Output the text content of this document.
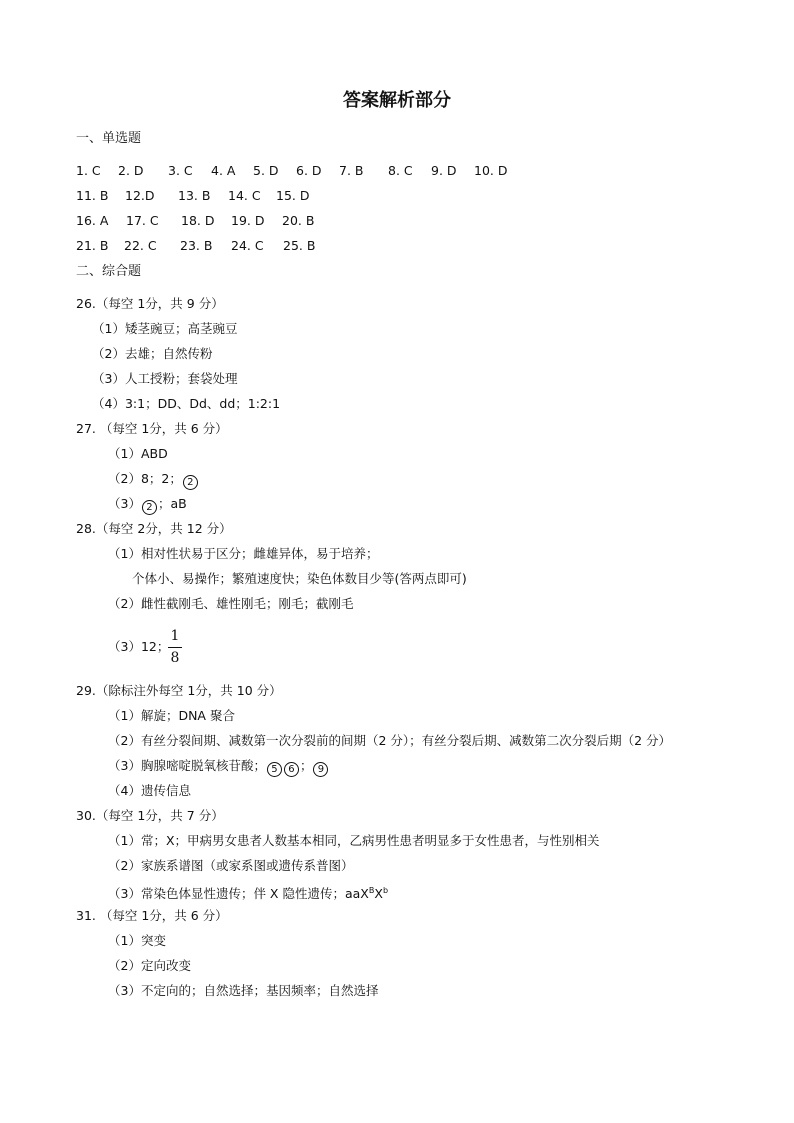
答案解析部分
一、单选题
1. C 2. D 3. C 4. A 5. D 6. D 7. B 8. C 9. D 10. D
11. B 12.D 13. B 14. C 15. D
16. A 17. C 18. D 19. D 20. B
21. B 22. C 23. B 24. C 25. B
二、综合题
26.（每空 1分，共 9 分）
（1）矮茎豌豆；高茎豌豆
（2）去雄；自然传粉
（3）人工授粉；套袋处理
（4）3:1；DD、Dd、dd；1:2:1
27. （每空 1分，共 6 分）
（1）ABD
（2）8；2； 2
（3） 2 ；aB
28.（每空 2分，共 12 分）
（1）相对性状易于区分；雌雄异体，易于培养；
个体小、易操作；繁殖速度快；染色体数目少等(答两点即可)
（2）雌性截刚毛、雄性刚毛；刚毛；截刚毛
（3）12；
1
8
29.（除标注外每空 1分，共 10 分）
（1）解旋；DNA 聚合
（2）有丝分裂间期、减数第一次分裂前的间期（2 分）；有丝分裂后期、减数第二次分裂后期（2 分）
（3）胸腺嘧啶脱氧核苷酸； 5 6 ； 9
（4）遗传信息
30.（每空 1分，共 7 分）
（1）常；X；甲病男女患者人数基本相同，乙病男性患者明显多于女性患者，与性别相关
（2）家族系谱图（或家系图或遗传系普图）
（3）常染色体显性遗传；伴 X 隐性遗传；$aaX^BX^b$
31. （每空 1分，共 6 分）
（1）突变
（2）定向改变
（3）不定向的；自然选择；基因频率；自然选择
